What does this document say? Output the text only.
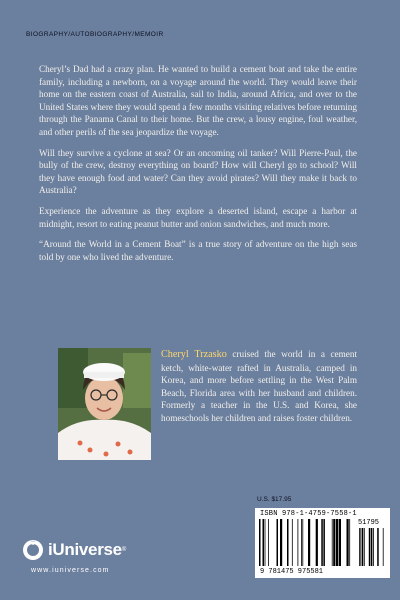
BIOGRAPHY/AUTOBIOGRAPHY/MEMOIR

Cheryl’s Dad had a crazy plan. He wanted to build a cement boat and take the entire family, including a newborn, on a voyage around the world. They would leave their home on the eastern coast of Australia, sail to India, around Africa, and over to the United States where they would spend a few months visiting relatives before returning through the Panama Canal to their home. But the crew, a lousy engine, foul weather, and other perils of the sea jeopardize the voyage.

Will they survive a cyclone at sea? Or an oncoming oil tanker? Will Pierre-Paul, the bully of the crew, destroy everything on board? How will Cheryl go to school? Will they have enough food and water? Can they avoid pirates? Will they make it back to Australia?

Experience the adventure as they explore a deserted island, escape a harbor at midnight, resort to eating peanut butter and onion sandwiches, and much more.

“Around the World in a Cement Boat” is a true story of adventure on the high seas told by one who lived the adventure.

Cheryl Trzasko cruised the world in a cement ketch, white-water rafted in Australia, camped in Korea, and more before settling in the West Palm Beach, Florida area with her husband and children. Formerly a teacher in the U.S. and Korea, she homeschools her children and raises foster children.
U.S. $17.95
ISBN 978-1-4759-7558-1
51795
9 781475 975581
iUniverse ®
www.iuniverse.com
